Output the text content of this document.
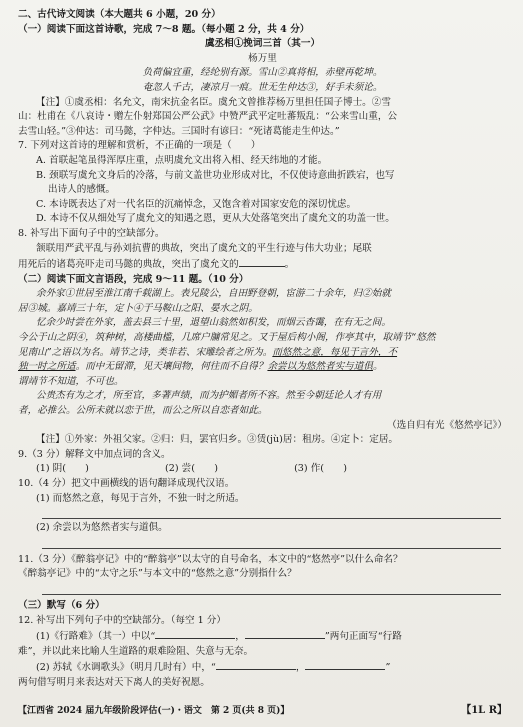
二、古代诗文阅读（本大题共 6 小题，20 分）
（一）阅读下面这首诗歌，完成 7～8 题。（每小题 2 分，共 4 分）
虞丞相①挽词三首（其一）
杨万里
负荷偏宜重，经纶别有源。雪山②真将相，赤壁再乾坤。
奄忽人千古，凄凉月一痕。世无生仲达③，好手未须论。
【注】①虞丞相：名允文，南宋抗金名臣。虞允文曾推荐杨万里担任国子博士。②雪
山：杜甫在《八哀诗・赠左仆射郑国公严公武》中赞严武平定吐蕃叛乱：“公来雪山重，公
去雪山轻。”③仲达：司马懿，字仲达。三国时有谚曰：“死诸葛能走生仲达。”
7. 下列对这首诗的理解和赏析，不正确的一项是（　　）
A. 首联起笔虽得浑厚庄重，点明虞允文出将入相、经天纬地的才能。
B. 颈联写虞允文身后的冷落，与前文盖世功业形成对比，不仅使诗意曲折跌宕，也写
出诗人的感慨。
C. 本诗既表达了对一代名臣的沉痛悼念，又饱含着对国家安危的深切忧虑。
D. 本诗不仅从细处写了虞允文的知遇之恩，更从大处落笔突出了虞允文的功盖一世。
8. 补写出下面句子中的空缺部分。
颔联用严武平乱与孙刘抗曹的典故，突出了虞允文的平生行迹与伟大功业；尾联
用死后的诸葛亮吓走司马懿的典故，突出了虞允文的	。
（二）阅读下面文言语段，完成 9～11 题。（10 分）
余外家①世居至淮江南千载湖上。表兄陵公，自田野登朝，宦游二十余年，归②始就
居③城。嘉靖三十年，定卜④于马鞍山之阳、晏水之阴。
忆余少时尝在外家，盖去县三十里，退望山翁然如积发，而烟云杳霭，在有无之间。
今公于山之阴④，筑种树，高楼曲槛，几席户牖常见之。又于屋后构小阁，作亭其中，取靖节“悠然
见南山”之语以为名。靖节之诗，类非若、宋雕绘者之所为。而悠然之意，每见于言外，不
独一时之所适。而中无留滞，见天壤间物，何往而不自得？余尝以为悠然者实与道俱。
谓靖节不知道，不可也。
公贵杰有为之才，所至官，多著声绩，而为护媚者所不容。然至今朝廷论人才有用
者，必推公。公所未就以恋于世，而公之所以自恋者如此。
（选自归有光《悠然亭记》）
【注】①外家：外祖父家。②归：归，罢官归乡。③赁(jù)居：租房。④定卜：定居。
9.（3 分）解释文中加点词的含义。
(1) 阴(　　)	(2) 尝(　　)	(3) 作(　　)
10.（4 分）把文中画横线的语句翻译成现代汉语。
(1) 而悠然之意，每见于言外，不独一时之所适。
(2) 余尝以为悠然者实与道俱。
11.（3 分）《醉翁亭记》中的“醉翁亭”以太守的自号命名，本文中的“悠然亭”以什么命名？
《醉翁亭记》中的“太守之乐”与本文中的“悠然之意”分别指什么？
（三）默写（6 分）
12. 补写出下列句子中的空缺部分。（每空 1 分）
(1)《行路难》（其一）中以“	，	”两句正面写“行路
难”，并以此来比喻人生道路的艰难险阻、失意与无奈。
(2) 苏轼《水调歌头》（明月几时有）中，“	，	”
两句借写明月来表达对天下离人的美好祝愿。
【江西省 2024 届九年级阶段评估(一)・语文　第 2 页(共 8 页)】	【1L R】
